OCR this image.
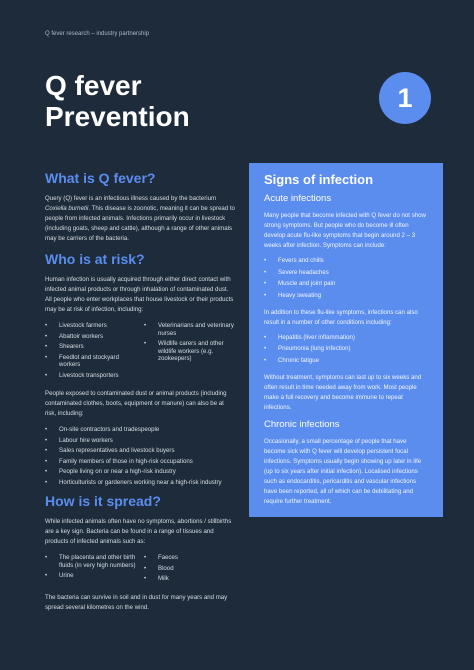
Q fever research – industry partnership
Q fever
Prevention
1
What is Q fever?

Query (Q) fever is an infectious illness caused by the bacterium Coxiella burnetii. This disease is zoonotic, meaning it can be spread to people from infected animals. Infections primarily occur in livestock (including goats, sheep and cattle), although a range of other animals may be carriers of the bacteria.

Who is at risk?

Human infection is usually acquired through either direct contact with infected animal products or through inhalation of contaminated dust. All people who enter workplaces that house livestock or their products may be at risk of infection, including:

• Livestock farmers
• Abattoir workers
• Shearers
• Feedlot and stockyard workers
• Livestock transporters
• Veterinarians and veterinary nurses
• Wildlife carers and other wildlife workers (e.g. zookeepers)

People exposed to contaminated dust or animal products (including contaminated clothes, boots, equipment or manure) can also be at risk, including:

• On-site contractors and tradespeople
• Labour hire workers
• Sales representatives and livestock buyers
• Family members of those in high-risk occupations
• People living on or near a high-risk industry
• Horticulturists or gardeners working near a high-risk industry
How is it spread?

While infected animals often have no symptoms, abortions / stillbirths are a key sign. Bacteria can be found in a range of tissues and products of infected animals such as:

• The placenta and other birth fluids (in very high numbers)
• Urine
• Faeces
• Blood
• Milk

The bacteria can survive in soil and in dust for many years and may spread several kilometres on the wind.

Signs of infection
Acute infections

Many people that become infected with Q fever do not show strong symptoms. But people who do become ill often develop acute flu-like symptoms that begin around 2 – 3 weeks after infection. Symptoms can include:

• Fevers and chills
• Severe headaches
• Muscle and joint pain
• Heavy sweating

In addition to these flu-like symptoms, infections can also result in a number of other conditions including:

• Hepatitis (liver inflammation)
• Pneumonia (lung infection)
• Chronic fatigue

Without treatment, symptoms can last up to six weeks and often result in time needed away from work. Most people make a full recovery and become immune to repeat infections.

Chronic infections

Occasionally, a small percentage of people that have become sick with Q fever will develop persistent focal infections. Symptoms usually begin showing up later in life (up to six years after initial infection). Localised infections such as endocarditis, pericarditis and vascular infections have been reported, all of which can be debilitating and require further treatment.
